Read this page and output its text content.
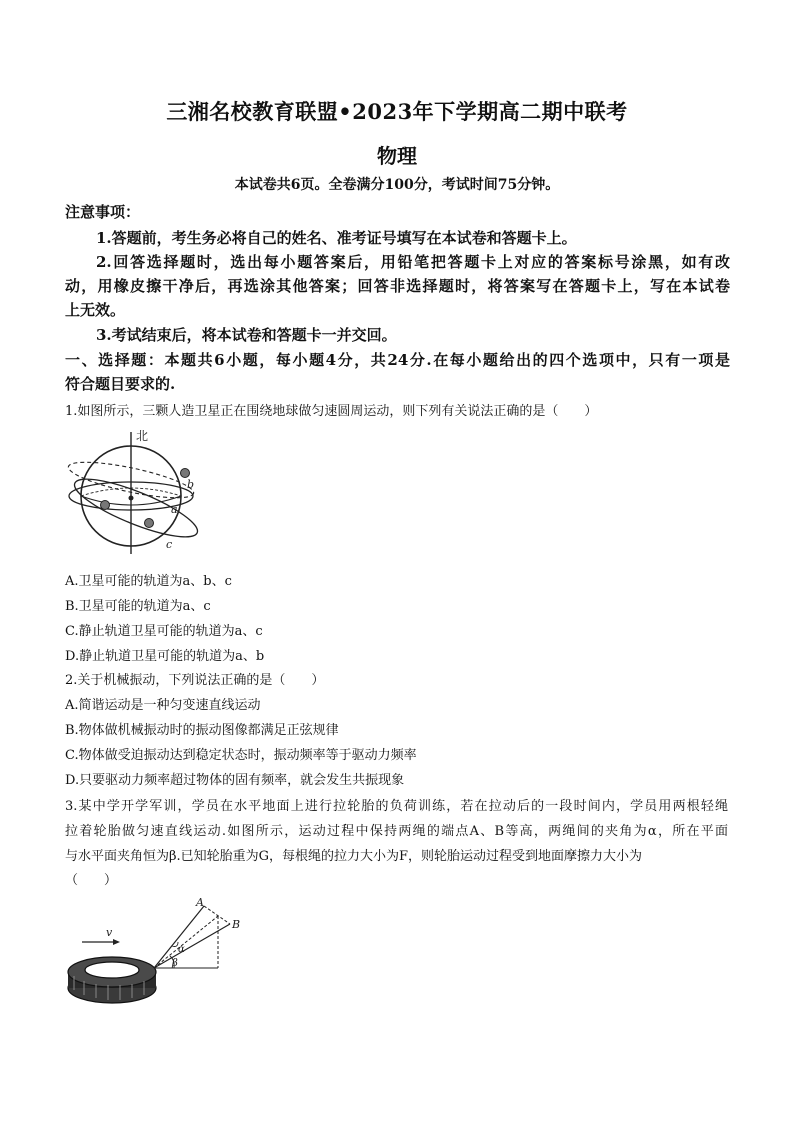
三湘名校教育联盟•2023年下学期高二期中联考
物理
本试卷共6页。全卷满分100分，考试时间75分钟。
注意事项：
1.答题前，考生务必将自己的姓名、准考证号填写在本试卷和答题卡上。
2.回答选择题时，选出每小题答案后，用铅笔把答题卡上对应的答案标号涂黑，如有改
动，用橡皮擦干净后，再选涂其他答案；回答非选择题时，将答案写在答题卡上，写在本试卷
上无效。
3.考试结束后，将本试卷和答题卡一并交回。
一、选择题：本题共6小题，每小题4分，共24分.在每小题给出的四个选项中，只有一项是
符合题目要求的.
1.如图所示，三颗人造卫星正在围绕地球做匀速圆周运动，则下列有关说法正确的是（　　）
北
b
a
c
A.卫星可能的轨道为a、b、c
B.卫星可能的轨道为a、c
C.静止轨道卫星可能的轨道为a、c
D.静止轨道卫星可能的轨道为a、b
2.关于机械振动，下列说法正确的是（　　）
A.简谐运动是一种匀变速直线运动
B.物体做机械振动时的振动图像都满足正弦规律
C.物体做受迫振动达到稳定状态时，振动频率等于驱动力频率
D.只要驱动力频率超过物体的固有频率，就会发生共振现象
3.某中学开学军训，学员在水平地面上进行拉轮胎的负荷训练，若在拉动后的一段时间内，学员用两根轻绳
拉着轮胎做匀速直线运动.如图所示，运动过程中保持两绳的端点A、B等高，两绳间的夹角为α，所在平面
与水平面夹角恒为β.已知轮胎重为G，每根绳的拉力大小为F，则轮胎运动过程受到地面摩擦力大小为
（　　）
v
A
B
α
β
